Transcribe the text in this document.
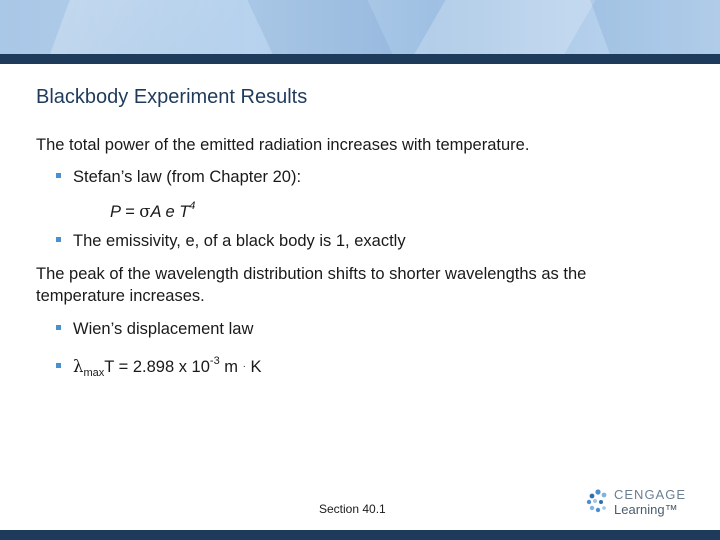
Blackbody Experiment Results
The total power of the emitted radiation increases with temperature.
Stefan’s law (from Chapter 20):
P = σA e $T^4$
The emissivity, e, of a black body is 1, exactly
The peak of the wavelength distribution shifts to shorter wavelengths as the temperature increases.
Wien’s displacement law
$\lambda_{max}T = 2.898$ x $10^{-3}$ m · K
Section 40.1
CENGAGE
Learning™
